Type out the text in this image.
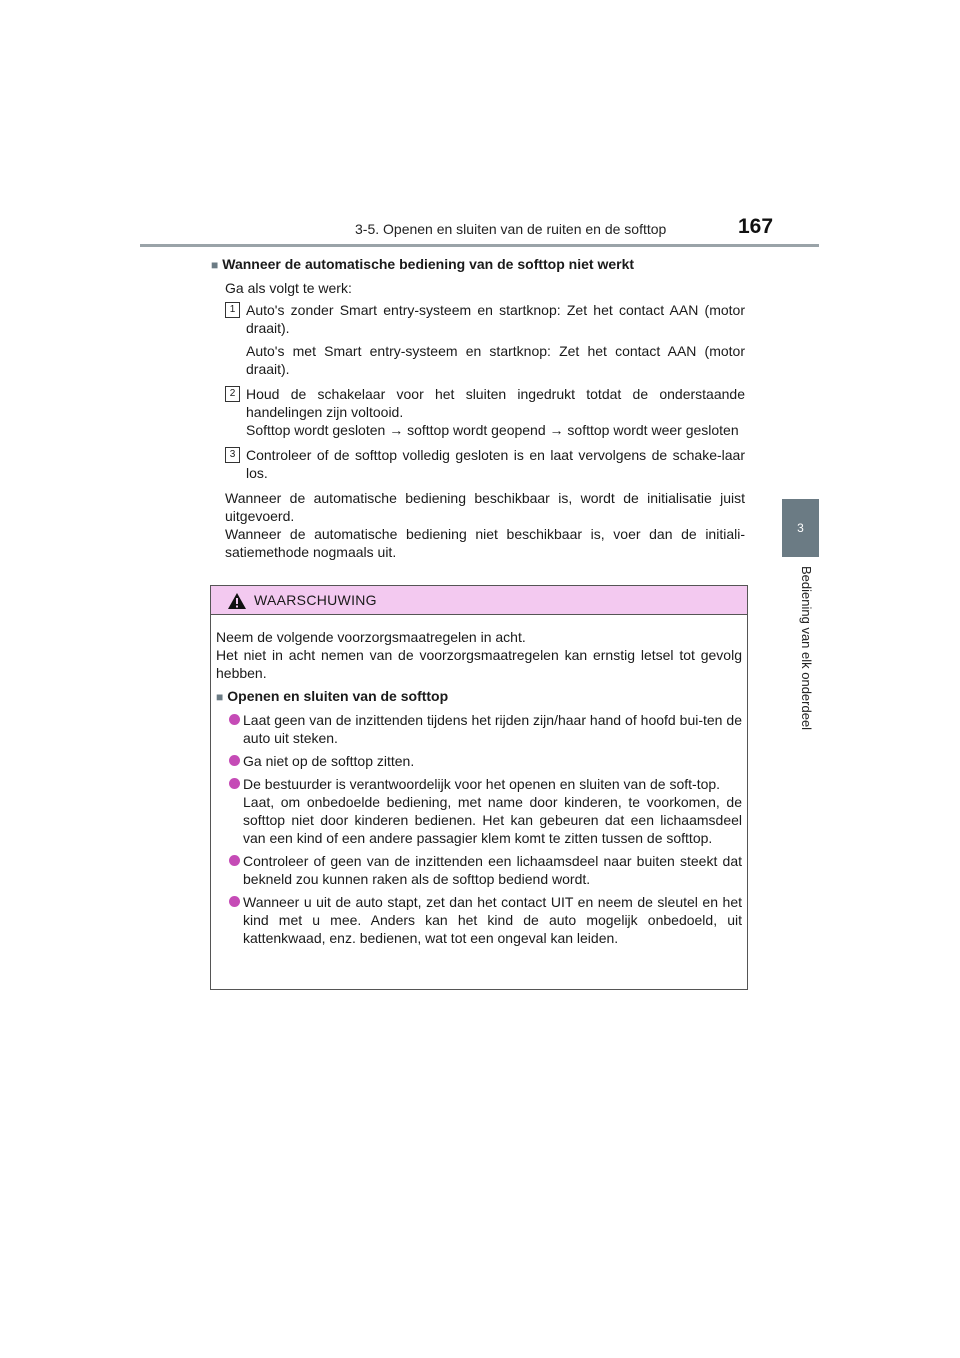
3-5. Openen en sluiten van de ruiten en de softtop	167
3
Bediening van elk onderdeel

■ Wanneer de automatische bediening van de softtop niet werkt

Ga als volgt te werk:

1 Auto's zonder Smart entry-systeem en startknop: Zet het contact AAN (motor draait).

Auto's met Smart entry-systeem en startknop: Zet het contact AAN (motor draait).

2 Houd de schakelaar voor het sluiten ingedrukt totdat de onderstaande handelingen zijn voltooid.

Softtop wordt gesloten → softtop wordt geopend → softtop wordt weer gesloten

3 Controleer of de softtop volledig gesloten is en laat vervolgens de schake-laar los.

Wanneer de automatische bediening beschikbaar is, wordt de initialisatie juist uitgevoerd.

Wanneer de automatische bediening niet beschikbaar is, voer dan de initiali-satiemethode nogmaals uit.

WAARSCHUWING

Neem de volgende voorzorgsmaatregelen in acht.

Het niet in acht nemen van de voorzorgsmaatregelen kan ernstig letsel tot gevolg hebben.

■ Openen en sluiten van de softtop

Laat geen van de inzittenden tijdens het rijden zijn/haar hand of hoofd bui-ten de auto uit steken.

Ga niet op de softtop zitten.

De bestuurder is verantwoordelijk voor het openen en sluiten van de soft-top.

Laat, om onbedoelde bediening, met name door kinderen, te voorkomen, de softtop niet door kinderen bedienen. Het kan gebeuren dat een lichaamsdeel van een kind of een andere passagier klem komt te zitten tussen de softtop.

Controleer of geen van de inzittenden een lichaamsdeel naar buiten steekt dat bekneld zou kunnen raken als de softtop bediend wordt.

Wanneer u uit de auto stapt, zet dan het contact UIT en neem de sleutel en het kind met u mee. Anders kan het kind de auto mogelijk onbedoeld, uit kattenkwaad, enz. bedienen, wat tot een ongeval kan leiden.
